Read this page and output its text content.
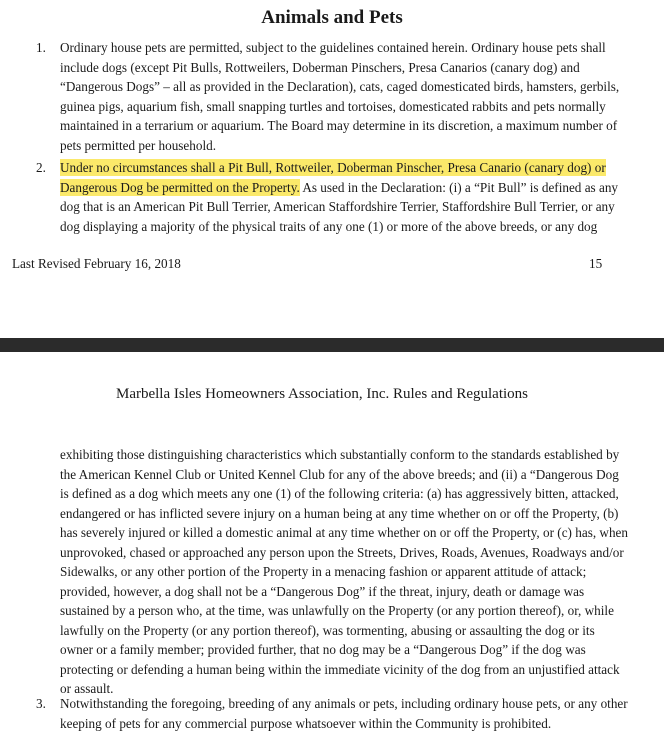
Animals and Pets
1.	Ordinary house pets are permitted, subject to the guidelines contained herein. Ordinary house pets shall
include dogs (except Pit Bulls, Rottweilers, Doberman Pinschers, Presa Canarios (canary dog) and
“Dangerous Dogs” – all as provided in the Declaration), cats, caged domesticated birds, hamsters, gerbils,
guinea pigs, aquarium fish, small snapping turtles and tortoises, domesticated rabbits and pets normally
maintained in a terrarium or aquarium. The Board may determine in its discretion, a maximum number of
pets permitted per household.
2.	Under no circumstances shall a Pit Bull, Rottweiler, Doberman Pinscher, Presa Canario (canary dog) or
Dangerous Dog be permitted on the Property. As used in the Declaration: (i) a “Pit Bull” is defined as any
dog that is an American Pit Bull Terrier, American Staffordshire Terrier, Staffordshire Bull Terrier, or any
dog displaying a majority of the physical traits of any one (1) or more of the above breeds, or any dog
Last Revised February 16, 2018	15
Marbella Isles Homeowners Association, Inc. Rules and Regulations
exhibiting those distinguishing characteristics which substantially conform to the standards established by
the American Kennel Club or United Kennel Club for any of the above breeds; and (ii) a “Dangerous Dog
is defined as a dog which meets any one (1) of the following criteria: (a) has aggressively bitten, attacked,
endangered or has inflicted severe injury on a human being at any time whether on or off the Property, (b)
has severely injured or killed a domestic animal at any time whether on or off the Property, or (c) has, when
unprovoked, chased or approached any person upon the Streets, Drives, Roads, Avenues, Roadways and/or
Sidewalks, or any other portion of the Property in a menacing fashion or apparent attitude of attack;
provided, however, a dog shall not be a “Dangerous Dog” if the threat, injury, death or damage was
sustained by a person who, at the time, was unlawfully on the Property (or any portion thereof), or, while
lawfully on the Property (or any portion thereof), was tormenting, abusing or assaulting the dog or its
owner or a family member; provided further, that no dog may be a “Dangerous Dog” if the dog was
protecting or defending a human being within the immediate vicinity of the dog from an unjustified attack
or assault.
3.	Notwithstanding the foregoing, breeding of any animals or pets, including ordinary house pets, or any other
keeping of pets for any commercial purpose whatsoever within the Community is prohibited.
